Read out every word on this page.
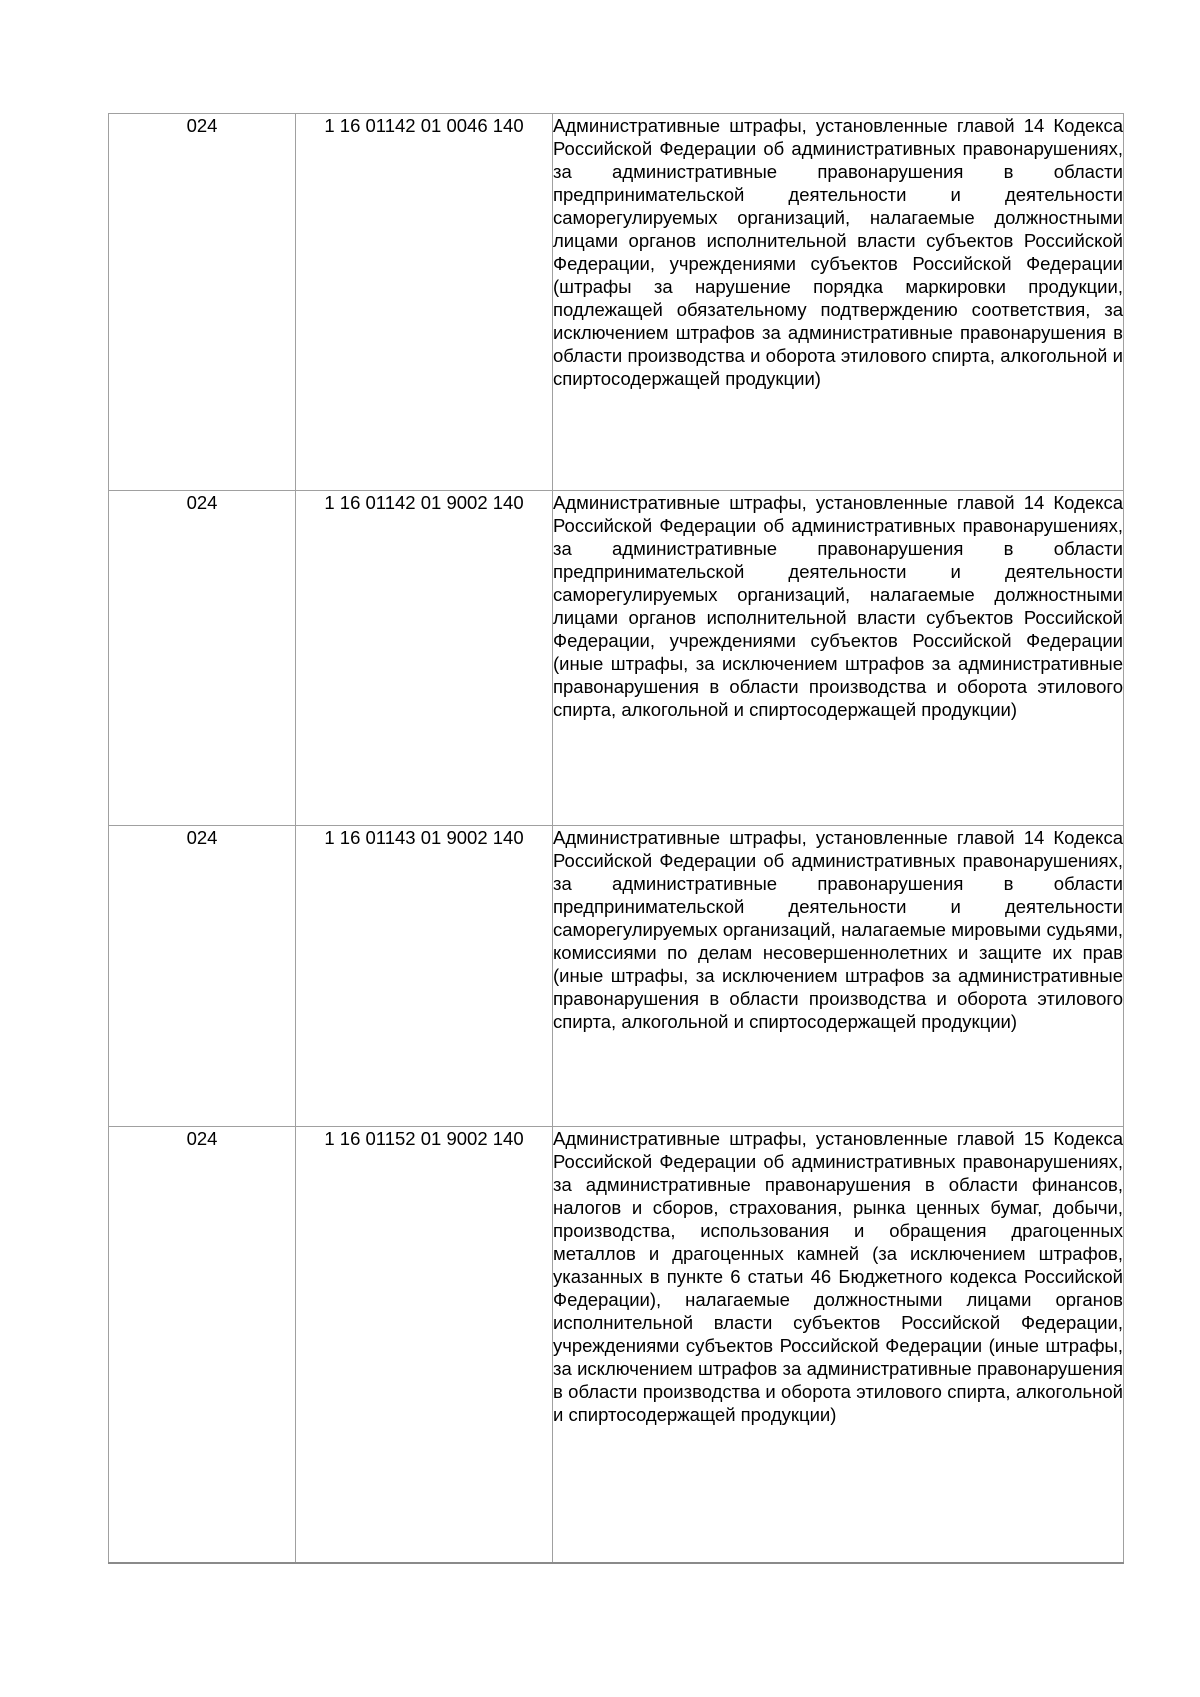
024	1 16 01142 01 0046 140	Административные штрафы, установленные главой 14 Кодекса Российской Федерации об административных правонарушениях, за административные правонарушения в области предпринимательской деятельности и деятельности саморегулируемых организаций, налагаемые должностными лицами органов исполнительной власти субъектов Российской Федерации, учреждениями субъектов Российской Федерации (штрафы за нарушение порядка маркировки продукции, подлежащей обязательному подтверждению соответствия, за исключением штрафов за административные правонарушения в области производства и оборота этилового спирта, алкогольной и спиртосодержащей продукции)
024	1 16 01142 01 9002 140	Административные штрафы, установленные главой 14 Кодекса Российской Федерации об административных правонарушениях, за административные правонарушения в области предпринимательской деятельности и деятельности саморегулируемых организаций, налагаемые должностными лицами органов исполнительной власти субъектов Российской Федерации, учреждениями субъектов Российской Федерации (иные штрафы, за исключением штрафов за административные правонарушения в области производства и оборота этилового спирта, алкогольной и спиртосодержащей продукции)
024	1 16 01143 01 9002 140	Административные штрафы, установленные главой 14 Кодекса Российской Федерации об административных правонарушениях, за административные правонарушения в области предпринимательской деятельности и деятельности саморегулируемых организаций, налагаемые мировыми судьями, комиссиями по делам несовершеннолетних и защите их прав (иные штрафы, за исключением штрафов за административные правонарушения в области производства и оборота этилового спирта, алкогольной и спиртосодержащей продукции)
024	1 16 01152 01 9002 140	Административные штрафы, установленные главой 15 Кодекса Российской Федерации об административных правонарушениях, за административные правонарушения в области финансов, налогов и сборов, страхования, рынка ценных бумаг, добычи, производства, использования и обращения драгоценных металлов и драгоценных камней (за исключением штрафов, указанных в пункте 6 статьи 46 Бюджетного кодекса Российской Федерации), налагаемые должностными лицами органов исполнительной власти субъектов Российской Федерации, учреждениями субъектов Российской Федерации (иные штрафы, за исключением штрафов за административные правонарушения в области производства и оборота этилового спирта, алкогольной и спиртосодержащей продукции)
